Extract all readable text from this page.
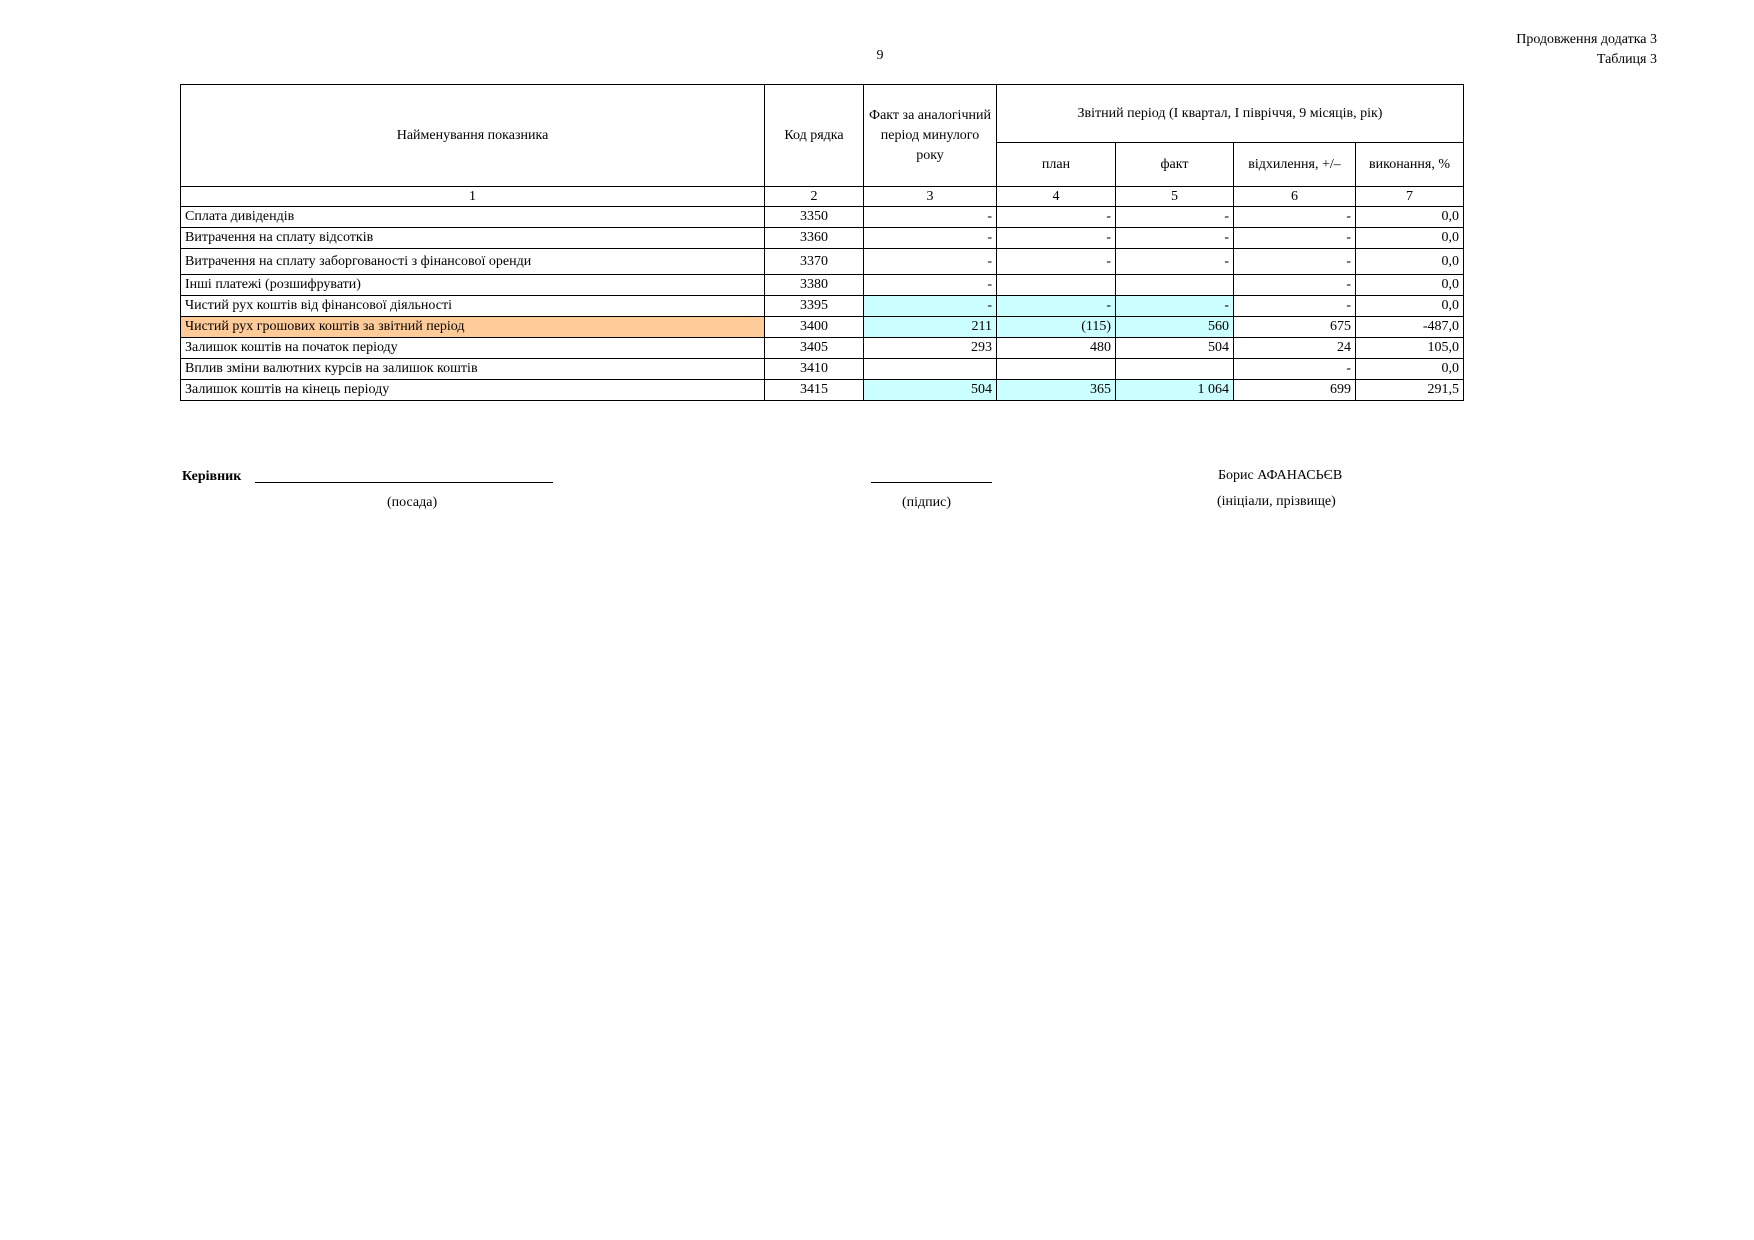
9
Продовження додатка 3
Таблиця 3
Найменування показника	Код рядка	Факт за аналогічний період минулого року	Звітний період (І квартал, І півріччя, 9 місяців, рік)			
			план	факт	відхилення, +/–	виконання, %
1	2	3	4	5	6	7
Сплата дивідендів	3350	-	-	-	-	0,0
Витрачення на сплату відсотків	3360	-	-	-	-	0,0
Витрачення на сплату заборгованості з фінансової оренди	3370	-	-	-	-	0,0
Інші платежі (розшифрувати)	3380	-			-	0,0
Чистий рух коштів від фінансової діяльності	3395	-	-	-	-	0,0
Чистий рух грошових коштів за звітний період	3400	211	(115)	560	675	-487,0
Залишок коштів на початок періоду	3405	293	480	504	24	105,0
Вплив зміни валютних курсів на залишок коштів	3410				-	0,0
Залишок коштів на кінець періоду	3415	504	365	1 064	699	291,5
Керівник
(посада)	(підпис)
Борис АФАНАСЬЄВ
(ініціали, прізвище)
